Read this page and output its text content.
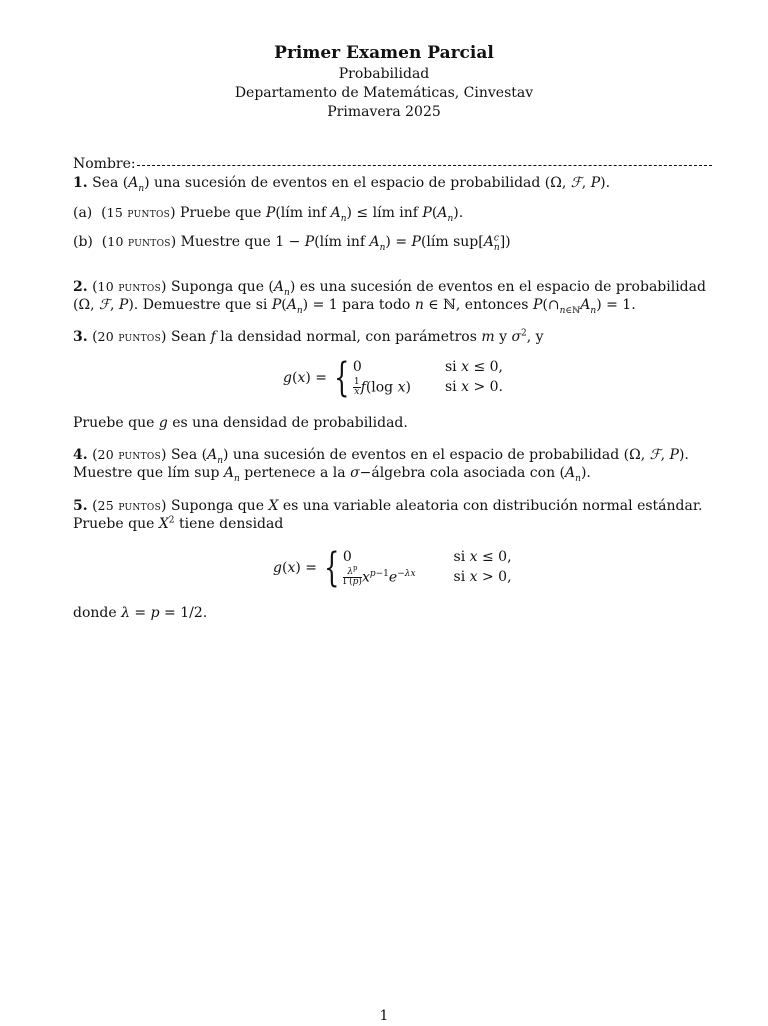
Primer Examen Parcial
Probabilidad
Departamento de Matemáticas, Cinvestav
Primavera 2025
Nombre:
1. Sea $(A_n)$ una sucesión de eventos en el espacio de probabilidad (Ω, ℱ, P).
(a)  (15 puntos) Pruebe que P(lím inf $A_n$) ≤ lím inf $P(A_n)$.
(b)  (10 puntos) Muestre que 1 − P(lím inf $A_n$) = P(lím $sup[A^c_n]$)
2. (10 puntos) Suponga que $(A_n)$ es una sucesión de eventos en el espacio de probabilidad
(Ω, ℱ, P). Demuestre que si $P(A_n) = 1$ para todo n ∈ ℕ, entonces $P(\cap_{n\in ℕ}A_n) = 1$.
3. (20 puntos) Sean f la densidad normal, con parámetros m y $\sigma^2$, y
g(x) = { 0	si x ≤ 0,
$\frac{1}{x} f(\log$ x) si x > 0.
Pruebe que g es una densidad de probabilidad.
4. (20 puntos) Sea $(A_n)$ una sucesión de eventos en el espacio de probabilidad (Ω, ℱ, P).
Muestre que lím sup $A_n$ pertenece a la σ−álgebra cola asociada con $(A_n)$.
5. (25 puntos) Suponga que X es una variable aleatoria con distribución normal estándar.
Pruebe que $X^2$ tiene densidad
g(x) = { 0	si x ≤ 0,
$\frac{\lambda^p}{\Gamma(p)} x^{p-1}e^{-\lambda x}$	si x > 0,
donde λ = p = 1/2.
1
